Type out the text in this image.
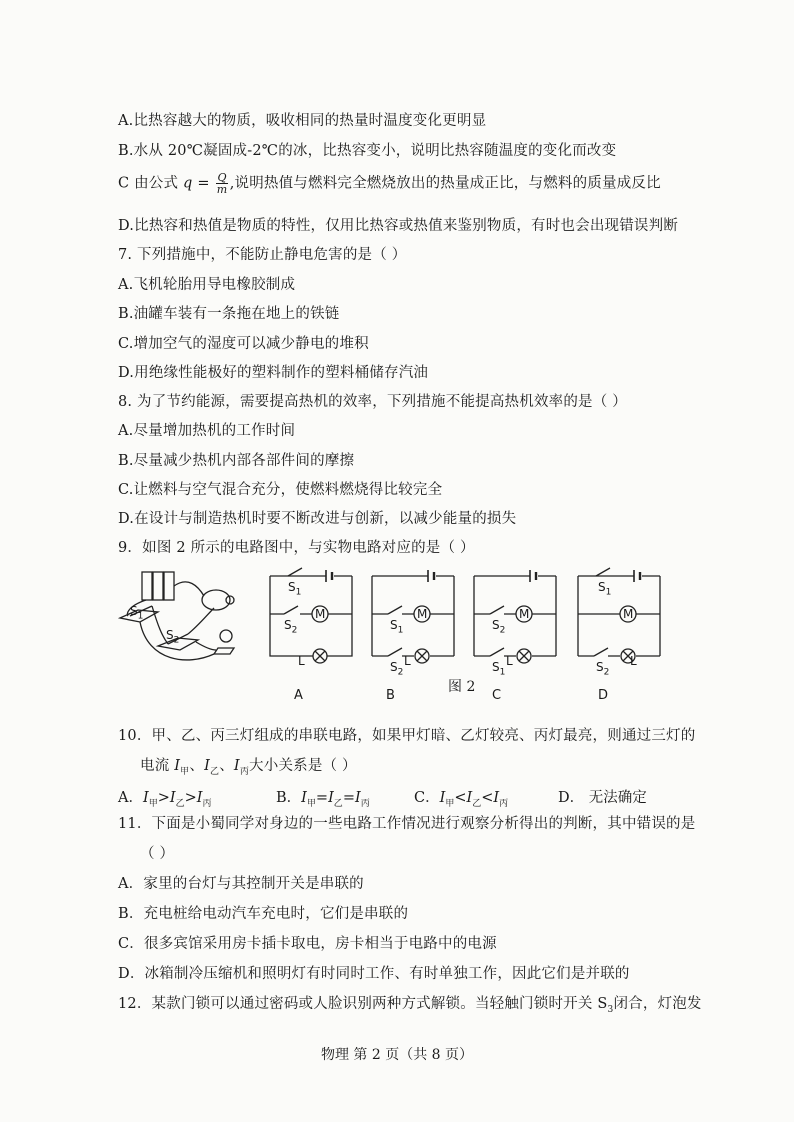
A.比热容越大的物质，吸收相同的热量时温度变化更明显
B.水从 20℃凝固成-2℃的冰，比热容变小，说明比热容随温度的变化而改变
C 由公式 $q = \frac{Q}{m}$ ,说明热值与燃料完全燃烧放出的热量成正比，与燃料的质量成反比
D.比热容和热值是物质的特性，仅用比热容或热值来鉴别物质，有时也会出现错误判断
7. 下列措施中，不能防止静电危害的是（ ）
A.飞机轮胎用导电橡胶制成
B.油罐车装有一条拖在地上的铁链
C.增加空气的湿度可以减少静电的堆积
D.用绝缘性能极好的塑料制作的塑料桶储存汽油
8. 为了节约能源，需要提高热机的效率，下列措施不能提高热机效率的是（ ）
A.尽量增加热机的工作时间
B.尽量减少热机内部各部件间的摩擦
C.让燃料与空气混合充分，使燃料燃烧得比较完全
D.在设计与制造热机时要不断改进与创新，以减少能量的损失
9．如图 2 所示的电路图中，与实物电路对应的是（ ）
$S_1$
$S_2$
$S_1$
$S_2$
M
L
$S_1$
$S_2$
M
L
$S_2$
$S_1$
M
L
$S_1$
$S_2$
M
L
图 2
A	B	C	D
10．甲、乙、丙三灯组成的串联电路，如果甲灯暗、乙灯较亮、丙灯最亮，则通过三灯的
电流 $I_甲$、$I_乙$、$I_丙$大小关系是（ ）
A．$I_甲>I_乙>I_丙$	B．$I_甲=I_乙=I_丙$	C．$I_甲<I_乙<I_丙$	D． 无法确定
11．下面是小蜀同学对身边的一些电路工作情况进行观察分析得出的判断，其中错误的是
（ ）
A．家里的台灯与其控制开关是串联的
B．充电桩给电动汽车充电时，它们是串联的
C．很多宾馆采用房卡插卡取电，房卡相当于电路中的电源
D．冰箱制冷压缩机和照明灯有时同时工作、有时单独工作，因此它们是并联的
12．某款门锁可以通过密码或人脸识别两种方式解锁。当轻触门锁时开关 $S_3$闭合，灯泡发
物理 第 2 页（共 8 页）
